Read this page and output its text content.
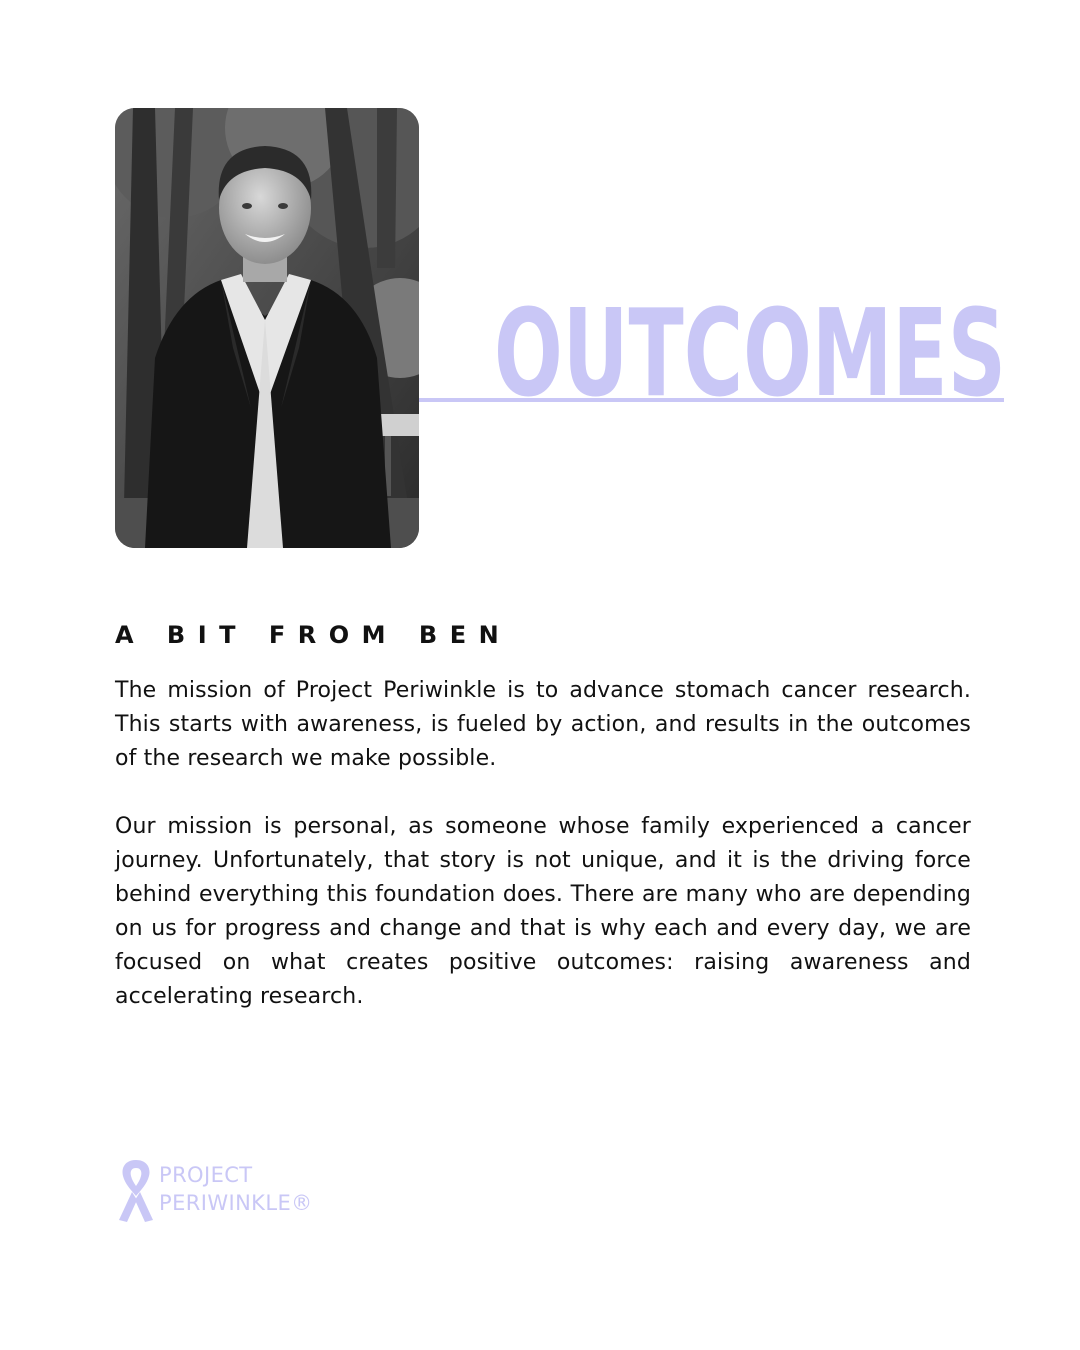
OUTCOMES
A BIT FROM BEN

The mission of Project Periwinkle is to advance stomach cancer research. This starts with awareness, is fueled by action, and results in the outcomes of the research we make possible.

Our mission is personal, as someone whose family experienced a cancer journey. Unfortunately, that story is not unique, and it is the driving force behind everything this foundation does. There are many who are depending on us for progress and change and that is why each and every day, we are focused on what creates positive outcomes: raising awareness and accelerating research.

PROJECT
PERIWINKLE®
